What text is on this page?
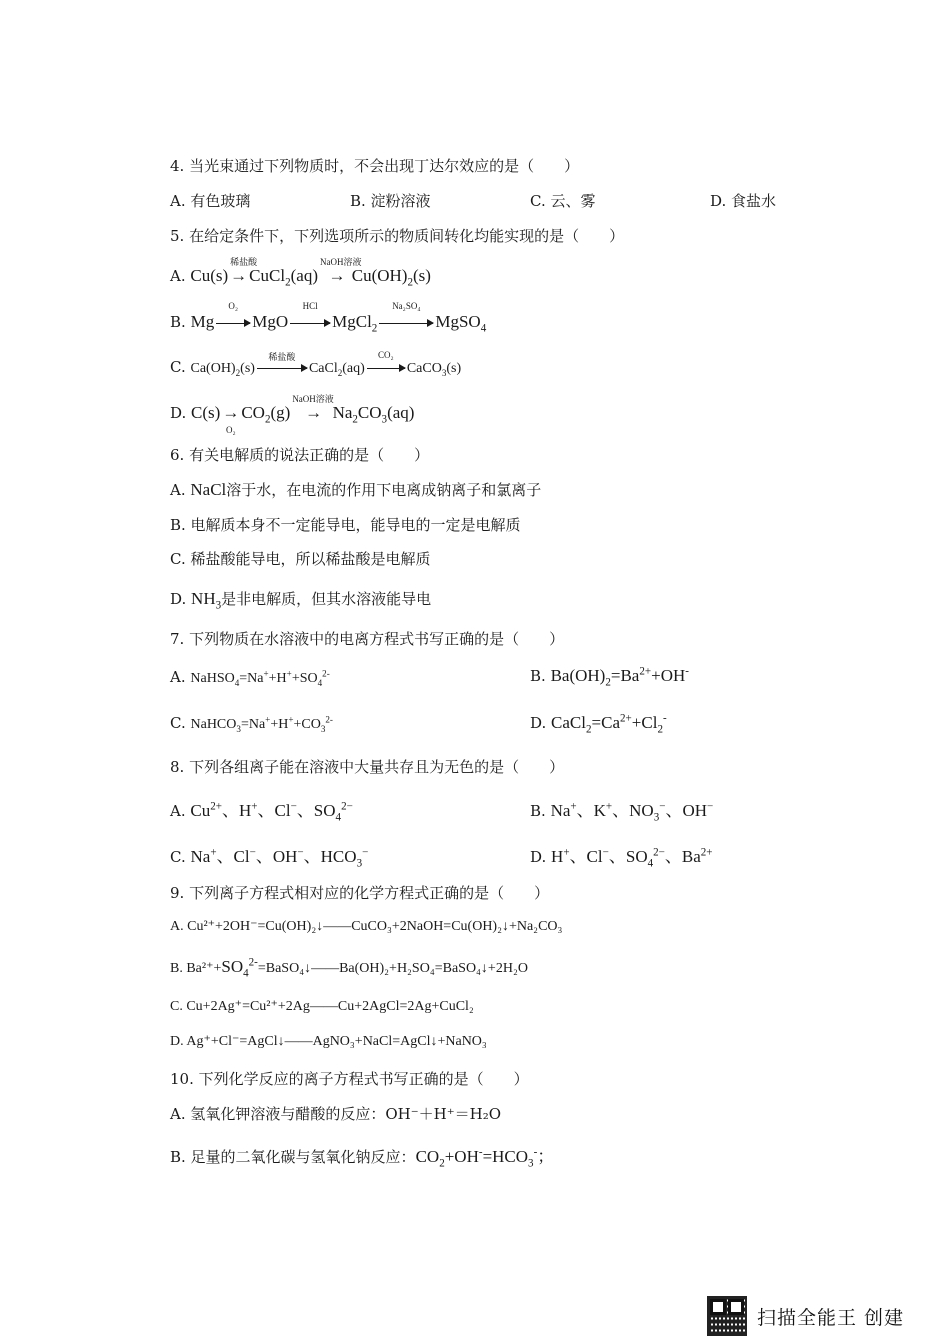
4. 当光束通过下列物质时，不会出现丁达尔效应的是（　　）
A. 有色玻璃	B. 淀粉溶液	C. 云、雾	D. 食盐水
5. 在给定条件下，下列选项所示的物质间转化均能实现的是（　　）
A. Cu(s)
稀盐酸
→ CuCl$_2$(aq)
NaOH溶液
→ $Cu(OH)_2(s)$
B. Mg
O₂
MgO
HCl
MgCl$_2$
Na₂SO₄
MgSO$_4$
C. $Ca(OH)_2(s)$
稀盐酸
CaCl$_2$(aq)
CO₂
CaCO$_3$(s)
D. C(s) →
O₂
$CO_2(g)$
NaOH溶液
→  $Na_2CO_3(aq)$
6. 有关电解质的说法正确的是（　　）
A. NaCl溶于水，在电流的作用下电离成钠离子和氯离子
B. 电解质本身不一定能导电，能导电的一定是电解质
C. 稀盐酸能导电，所以稀盐酸是电解质
D. $NH_3$是非电解质，但其水溶液能导电
7. 下列物质在水溶液中的电离方程式书写正确的是（　　）
A. $NaHSO_4=Na^++H^++SO_4^{2-}$	B. $Ba(OH)_2=Ba^{2+}+OH^-$
C. $NaHCO_3=Na^++H^++CO_3^{2-}$	D. $CaCl_2=Ca^{2+}+Cl_2^-$
8. 下列各组离子能在溶液中大量共存且为无色的是（　　）
A. $Cu^{2+}$、H+、Cl−、$SO_4^{2-}$	B. Na+、K+、$NO_3^-$、OH−
C. Na+、Cl−、OH−、$HCO_3^-$	D. H+、Cl−、$SO_4^{2-}$、$Ba^{2+}$
9. 下列离子方程式相对应的化学方程式正确的是（　　）
A. Cu²⁺+2OH⁻=Cu(OH)₂↓——CuCO₃+2NaOH=Cu(OH)₂↓+Na₂CO₃
B. $Ba^{2+}+SO_4^{2-}=BaSO_4↓——Ba(OH)_2+H_2SO_4=BaSO_4↓+2H_2O$
C. Cu+2Ag⁺=Cu²⁺+2Ag——Cu+2AgCl=2Ag+CuCl₂
D. Ag⁺+Cl⁻=AgCl↓——AgNO₃+NaCl=AgCl↓+NaNO₃
10. 下列化学反应的离子方程式书写正确的是（　　）
A. 氢氧化钾溶液与醋酸的反应：OH⁻＋H⁺＝H₂O
B. 足量的二氧化碳与氢氧化钠反应：$CO_2+OH^-=HCO_3^-$；
扫描全能王 创建
